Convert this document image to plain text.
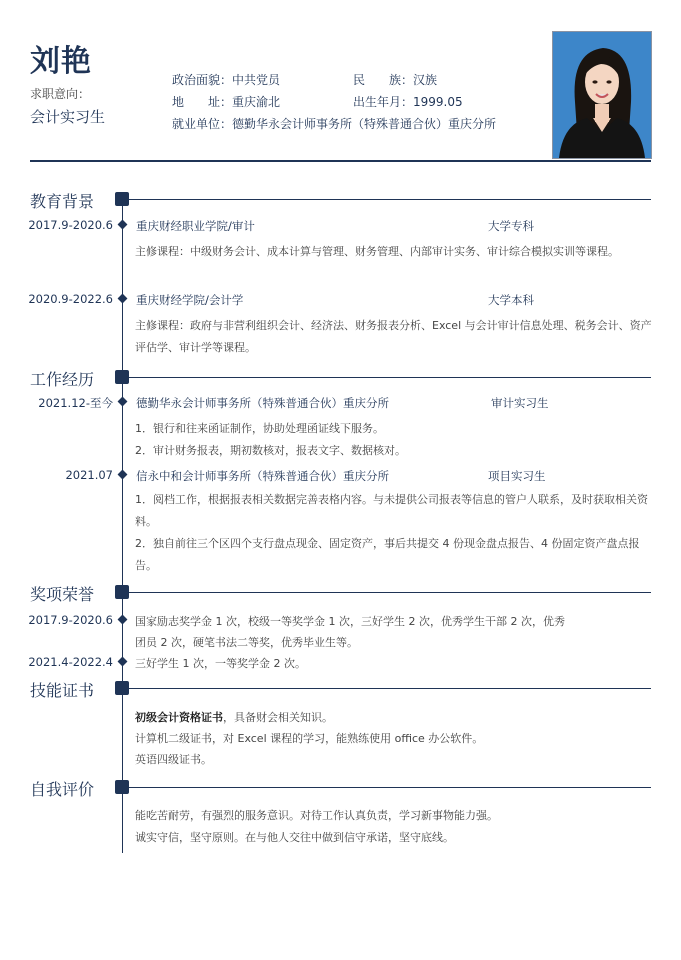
刘艳
求职意向：
会计实习生
政治面貌：中共党员	民　　族：汉族
地　　址：重庆渝北	出生年月：1999.05
就业单位：德勤华永会计师事务所（特殊普通合伙）重庆分所
教育背景
2017.9-2020.6 重庆财经职业学院/审计	大学专科
主修课程：中级财务会计、成本计算与管理、财务管理、内部审计实务、审计综合模拟实训等课程。
2020.9-2022.6 重庆财经学院/会计学	大学本科
主修课程：政府与非营利组织会计、经济法、财务报表分析、Excel 与会计审计信息处理、税务会计、资产评估学、审计学等课程。
工作经历
2021.12-至今 德勤华永会计师事务所（特殊普通合伙）重庆分所	审计实习生
1．银行和往来函证制作，协助处理函证线下服务。
2．审计财务报表，期初数核对，报表文字、数据核对。
2021.07 信永中和会计师事务所（特殊普通合伙）重庆分所	项目实习生
1．阅档工作，根据报表相关数据完善表格内容。与未提供公司报表等信息的管户人联系，及时获取相关资料。
2．独自前往三个区四个支行盘点现金、固定资产，事后共提交 4 份现金盘点报告、4 份固定资产盘点报告。
奖项荣誉
2017.9-2020.6 国家励志奖学金 1 次，校级一等奖学金 1 次，三好学生 2 次，优秀学生干部 2 次，优秀
团员 2 次，硬笔书法二等奖，优秀毕业生等。
2021.4-2022.4 三好学生 1 次，一等奖学金 2 次。
技能证书
初级会计资格证书，具备财会相关知识。
计算机二级证书，对 Excel 课程的学习，能熟练使用 office 办公软件。
英语四级证书。
自我评价
能吃苦耐劳，有强烈的服务意识。对待工作认真负责，学习新事物能力强。
诚实守信，坚守原则。在与他人交往中做到信守承诺，坚守底线。
